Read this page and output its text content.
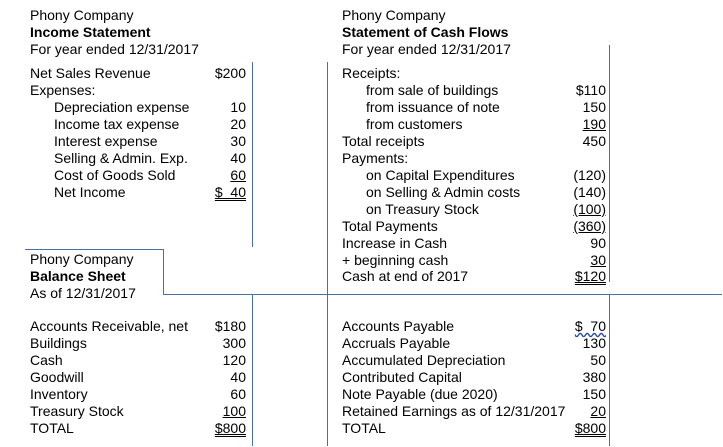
Phony Company
Income Statement
For year ended 12/31/2017
Net Sales Revenue	$200
Expenses:
Depreciation expense	10
Income tax expense	20
Interest expense	30
Selling & Admin. Exp.	40
Cost of Goods Sold	60
Net Income	$  40
Phony Company
Statement of Cash Flows
For year ended 12/31/2017
Receipts:
from sale of buildings	$110
from issuance of note	150
from customers	190
Total receipts	450
Payments:
on Capital Expenditures	(120)
on Selling & Admin costs	(140)
on Treasury Stock	(100)
Total Payments	(360)
Increase in Cash	90
+ beginning cash	30
Cash at end of 2017	$120
Phony Company
Balance Sheet
As of 12/31/2017
Accounts Receivable, net	$180
Buildings	300
Cash	120
Goodwill	40
Inventory	60
Treasury Stock	100
TOTAL	$800
Accounts Payable	$  70
Accruals Payable	130
Accumulated Depreciation	50
Contributed Capital	380
Note Payable (due 2020)	150
Retained Earnings as of 12/31/2017	20
TOTAL	$800
